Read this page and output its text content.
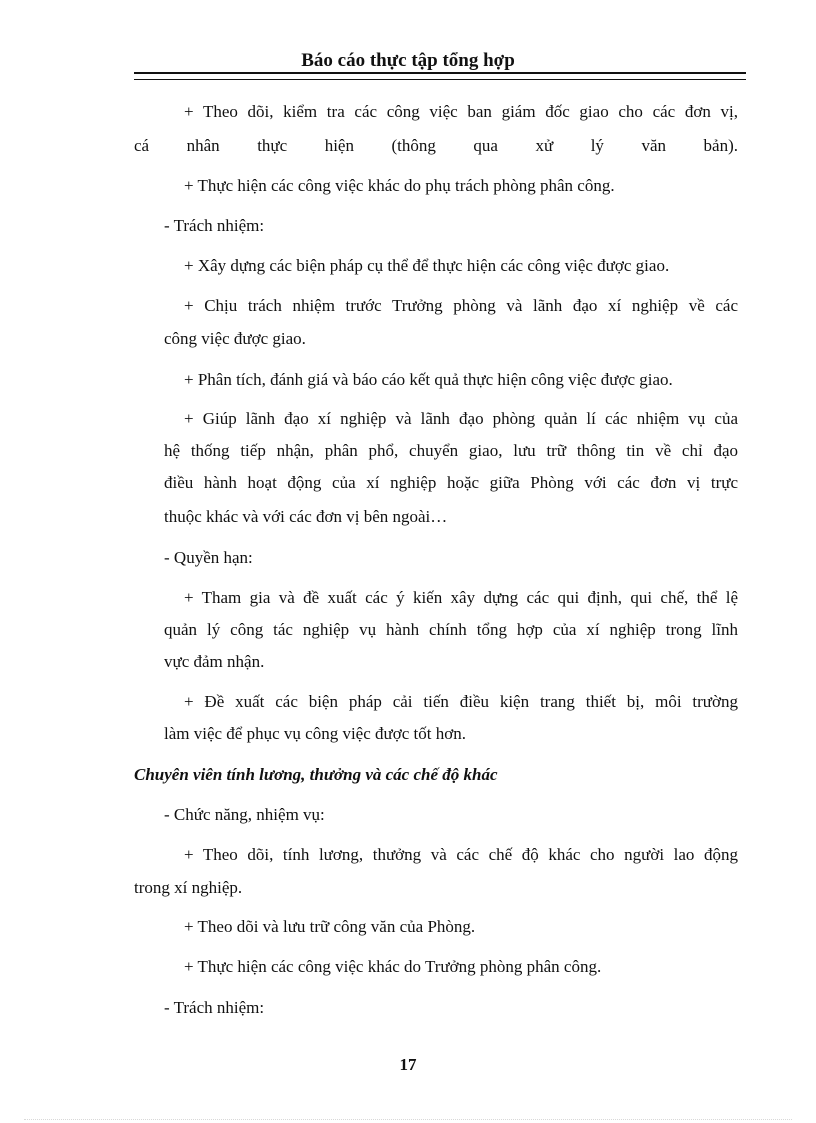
Báo cáo thực tập tổng hợp
+ Theo dõi, kiểm tra các công việc ban giám đốc giao cho các đơn vị,
cá nhân thực hiện (thông qua xử lý văn bản).
+ Thực hiện các công việc khác do phụ trách phòng phân công.
- Trách nhiệm:
+ Xây dựng các biện pháp cụ thể để thực hiện các công việc được giao.
+ Chịu trách nhiệm trước Trưởng phòng và lãnh đạo xí nghiệp về các
công việc được giao.
+ Phân tích, đánh giá và báo cáo kết quả thực hiện công việc được giao.
+ Giúp lãnh đạo xí nghiệp và lãnh đạo phòng quản lí các nhiệm vụ của
hệ thống tiếp nhận, phân phổ, chuyển giao, lưu trữ thông tin về chỉ đạo
điều hành hoạt động của xí nghiệp hoặc giữa Phòng với các đơn vị trực
thuộc khác và với các đơn vị bên ngoài…
- Quyền hạn:
+ Tham gia và đề xuất các ý kiến xây dựng các qui định, qui chế, thể lệ
quản lý công tác nghiệp vụ hành chính tổng hợp của xí nghiệp trong lĩnh
vực đảm nhận.
+ Đề xuất các biện pháp cải tiến điều kiện trang thiết bị, môi trường
làm việc để phục vụ công việc được tốt hơn.
Chuyên viên tính lương, thưởng và các chế độ khác
- Chức năng, nhiệm vụ:
+ Theo dõi, tính lương, thưởng và các chế độ khác cho người lao động
trong xí nghiệp.
+ Theo dõi và lưu trữ công văn của Phòng.
+ Thực hiện các công việc khác do Trưởng phòng phân công.
- Trách nhiệm:
17
